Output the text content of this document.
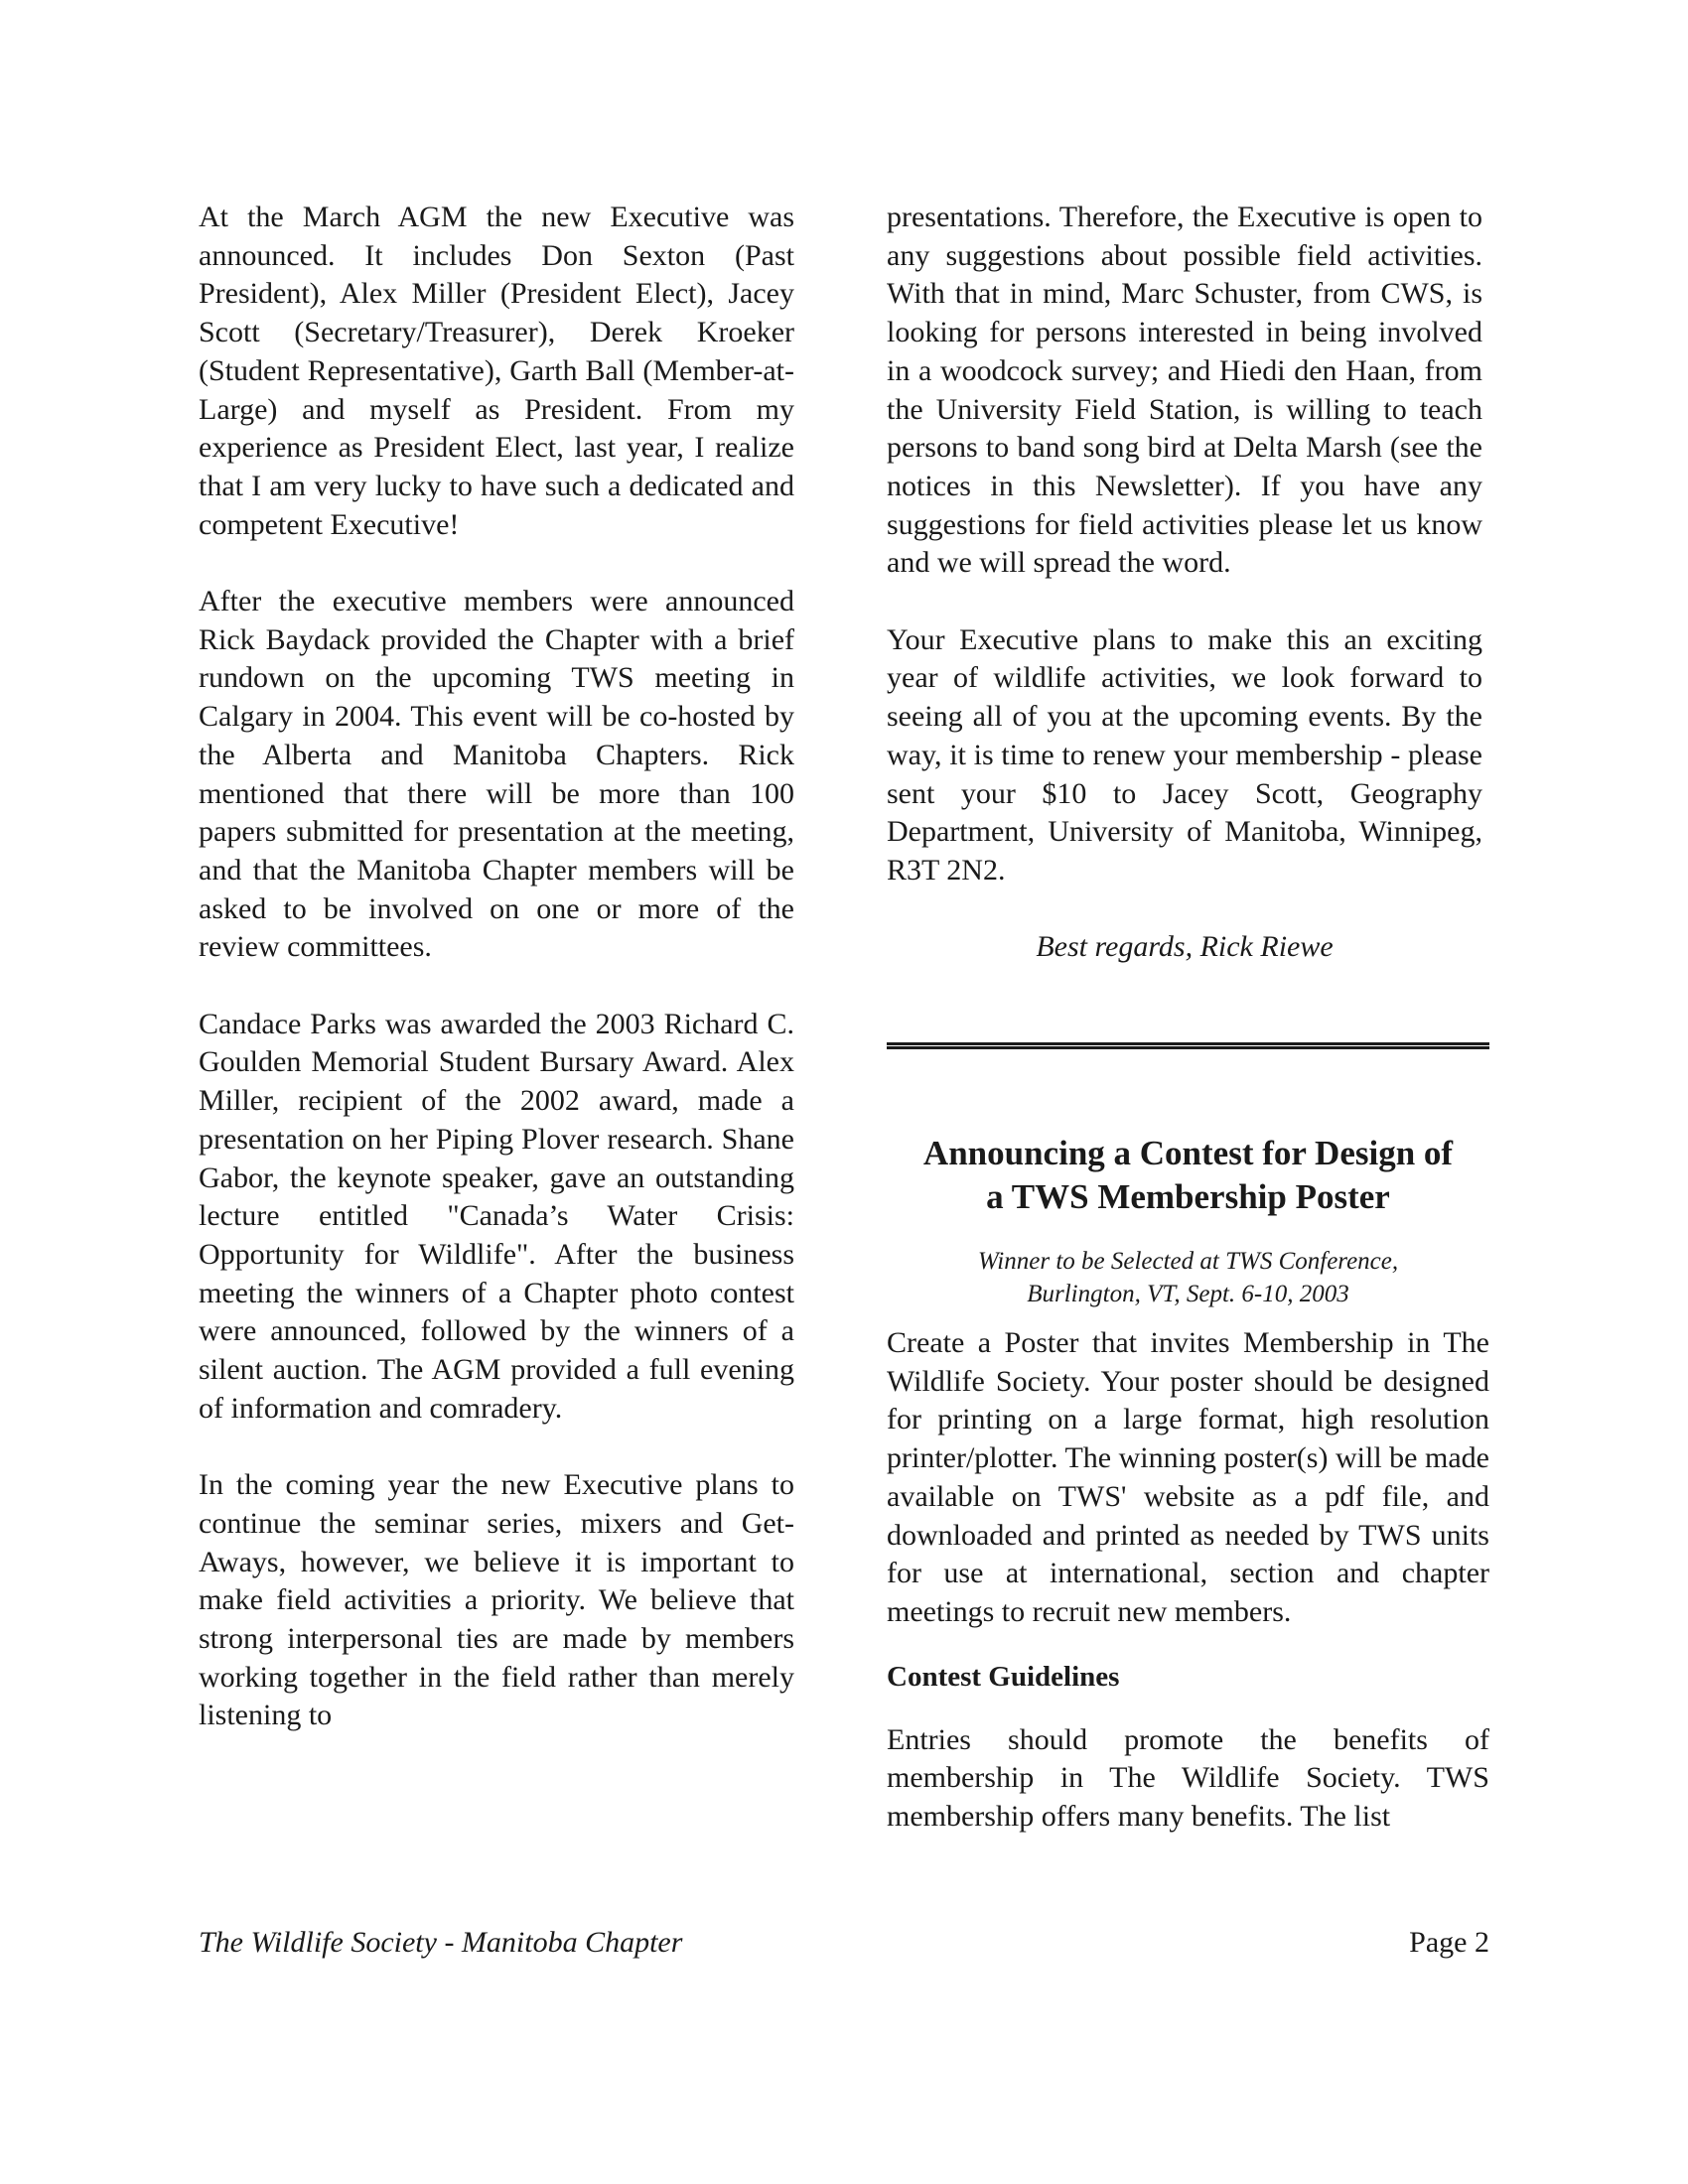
At the March AGM the new Executive was announced. It includes Don Sexton (Past President), Alex Miller (President Elect), Jacey Scott (Secretary/Treasurer), Derek Kroeker (Student Representative), Garth Ball (Member-at-Large) and myself as President. From my experience as President Elect, last year, I realize that I am very lucky to have such a dedicated and competent Executive!

After the executive members were announced Rick Baydack provided the Chapter with a brief rundown on the upcoming TWS meeting in Calgary in 2004. This event will be co-hosted by the Alberta and Manitoba Chapters. Rick mentioned that there will be more than 100 papers submitted for presentation at the meeting, and that the Manitoba Chapter members will be asked to be involved on one or more of the review committees.

Candace Parks was awarded the 2003 Richard C. Goulden Memorial Student Bursary Award. Alex Miller, recipient of the 2002 award, made a presentation on her Piping Plover research. Shane Gabor, the keynote speaker, gave an outstanding lecture entitled "Canada’s Water Crisis: Opportunity for Wildlife". After the business meeting the winners of a Chapter photo contest were announced, followed by the winners of a silent auction. The AGM provided a full evening of information and comradery.

In the coming year the new Executive plans to continue the seminar series, mixers and Get-Aways, however, we believe it is important to make field activities a priority. We believe that strong interpersonal ties are made by members working together in the field rather than merely listening to

presentations. Therefore, the Executive is open to any suggestions about possible field activities. With that in mind, Marc Schuster, from CWS, is looking for persons interested in being involved in a woodcock survey; and Hiedi den Haan, from the University Field Station, is willing to teach persons to band song bird at Delta Marsh (see the notices in this Newsletter). If you have any suggestions for field activities please let us know and we will spread the word.

Your Executive plans to make this an exciting year of wildlife activities, we look forward to seeing all of you at the upcoming events. By the way, it is time to renew your membership - please sent your $10 to Jacey Scott, Geography Department, University of Manitoba, Winnipeg, R3T 2N2.

Best regards, Rick Riewe

Announcing a Contest for Design of
a TWS Membership Poster

Winner to be Selected at TWS Conference,
Burlington, VT, Sept. 6-10, 2003

Create a Poster that invites Membership in The Wildlife Society. Your poster should be designed for printing on a large format, high resolution printer/plotter. The winning poster(s) will be made available on TWS' website as a pdf file, and downloaded and printed as needed by TWS units for use at international, section and chapter meetings to recruit new members.

Contest Guidelines

Entries should promote the benefits of membership in The Wildlife Society. TWS membership offers many benefits. The list

The Wildlife Society - Manitoba Chapter	Page 2
